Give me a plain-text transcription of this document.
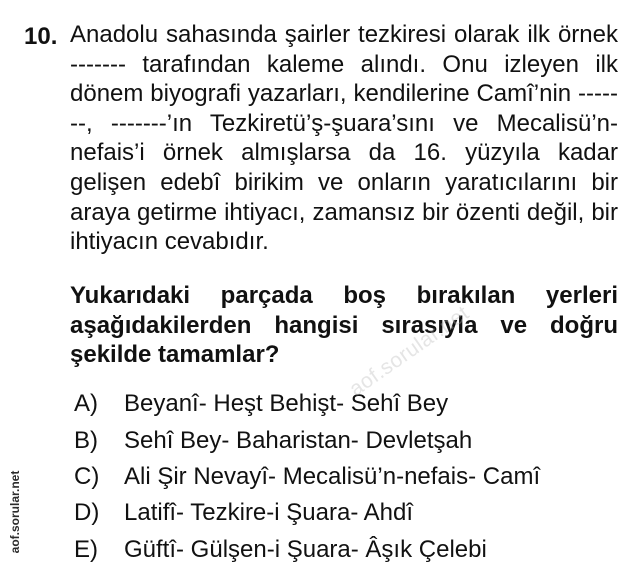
10. Anadolu sahasında şairler tezkiresi olarak ilk örnek ------- tarafından kaleme alındı. Onu izleyen ilk dönem biyografi yazarları, kendilerine Camî’nin -------, -------’ın Tezkiretü’ş-şuara’sını ve Mecalisü’n-nefais’i örnek almışlarsa da 16. yüzyıla kadar gelişen edebî birikim ve onların yaratıcılarını bir araya getirme ihtiyacı, zamansız bir özenti değil, bir ihtiyacın cevabıdır.

Yukarıdaki parçada boş bırakılan yerleri aşağıdakilerden hangisi sırasıyla ve doğru şekilde tamamlar?

A)	Beyanî- Heşt Behişt- Sehî Bey
B)	Sehî Bey- Baharistan- Devletşah
C)	Ali Şir Nevayî- Mecalisü’n-nefais- Camî
D)	Latifî- Tezkire-i Şuara- Ahdî
E)	Güftî- Gülşen-i Şuara- Âşık Çelebi
aof.sorular.net
aof.sorular.net
